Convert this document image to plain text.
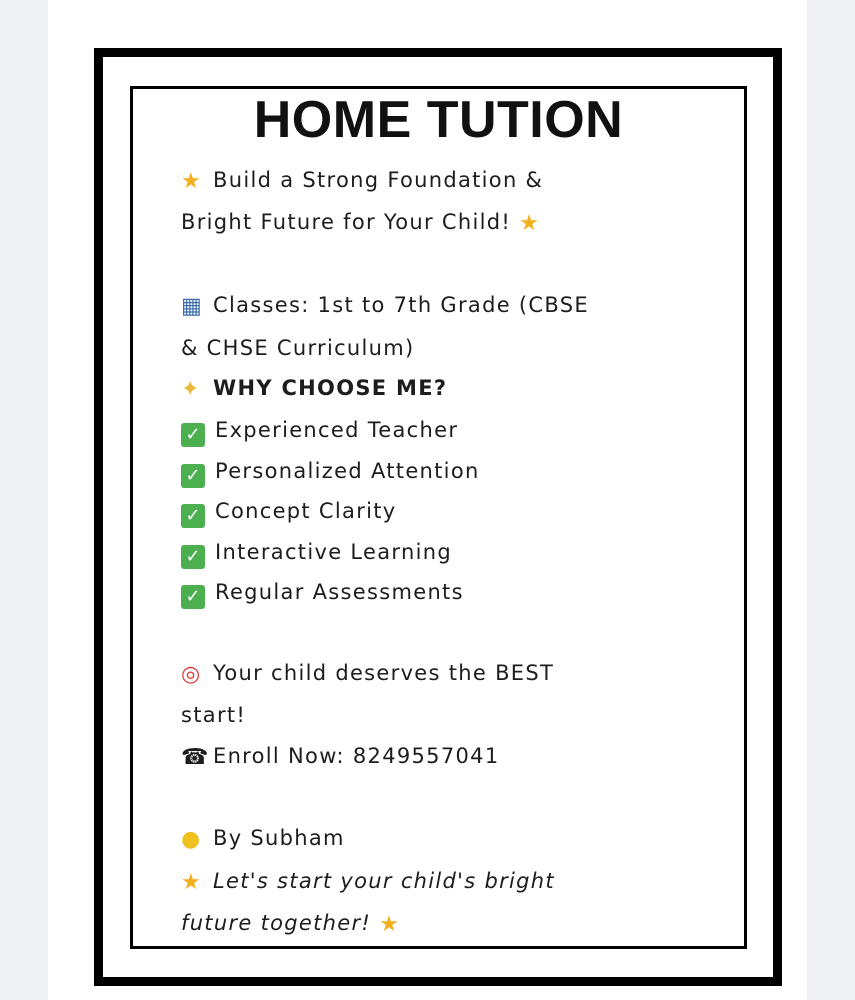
HOME TUTION
★ Build a Strong Foundation &
Bright Future for Your Child! ★
▦ Classes: 1st to 7th Grade (CBSE
& CHSE Curriculum)
✦ WHY CHOOSE ME?
✓ Experienced Teacher
✓ Personalized Attention
✓ Concept Clarity
✓ Interactive Learning
✓ Regular Assessments
◎ Your child deserves the BEST
start!
☎ Enroll Now: 8249557041
● By Subham
★ Let's start your child's bright
future together! ★
